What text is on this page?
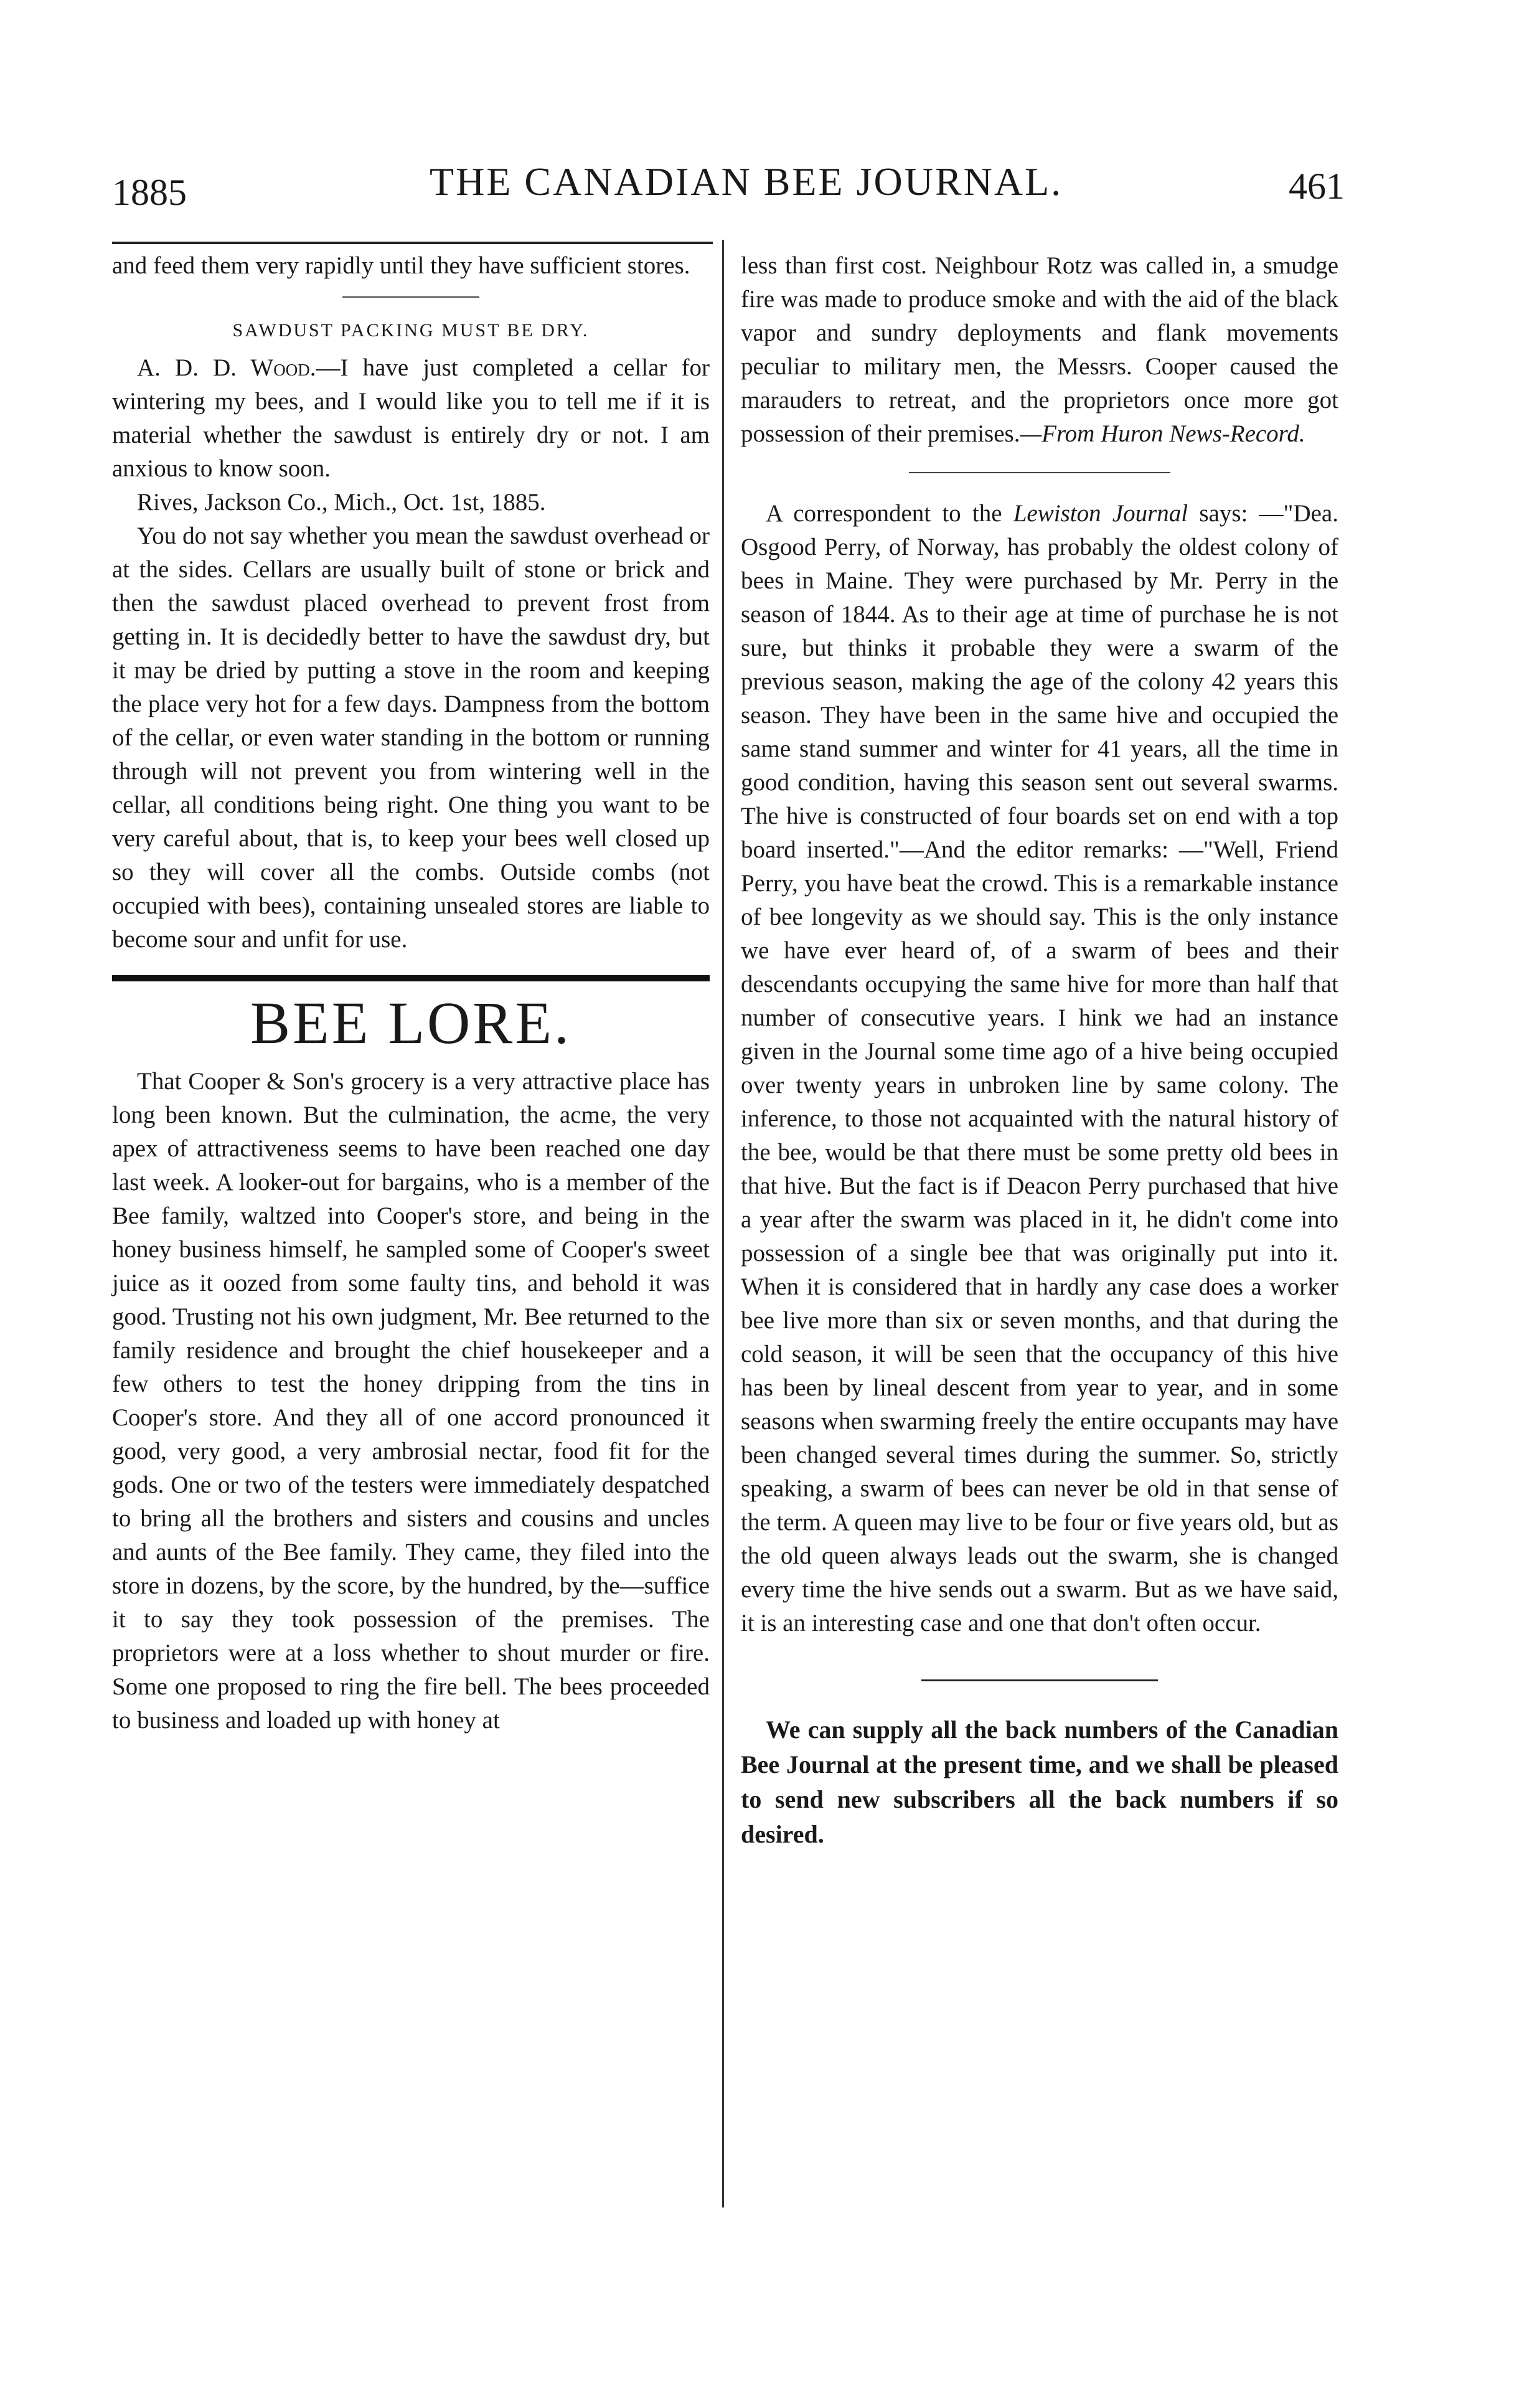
1885	THE CANADIAN BEE JOURNAL.	461

and feed them very rapidly until they have sufficient stores.

SAWDUST PACKING MUST BE DRY.

A. D. D. Wood.—I have just completed a cellar for wintering my bees, and I would like you to tell me if it is material whether the sawdust is entirely dry or not. I am anxious to know soon.

Rives, Jackson Co., Mich., Oct. 1st, 1885.

You do not say whether you mean the sawdust overhead or at the sides. Cellars are usually built of stone or brick and then the sawdust placed overhead to prevent frost from getting in. It is decidedly better to have the sawdust dry, but it may be dried by putting a stove in the room and keeping the place very hot for a few days. Dampness from the bottom of the cellar, or even water standing in the bottom or running through will not prevent you from wintering well in the cellar, all conditions being right. One thing you want to be very careful about, that is, to keep your bees well closed up so they will cover all the combs. Outside combs (not occupied with bees), containing unsealed stores are liable to become sour and unfit for use.

BEE LORE.

That Cooper & Son's grocery is a very attractive place has long been known. But the culmination, the acme, the very apex of attractiveness seems to have been reached one day last week. A looker-out for bargains, who is a member of the Bee family, waltzed into Cooper's store, and being in the honey business himself, he sampled some of Cooper's sweet juice as it oozed from some faulty tins, and behold it was good. Trusting not his own judgment, Mr. Bee returned to the family residence and brought the chief housekeeper and a few others to test the honey dripping from the tins in Cooper's store. And they all of one accord pronounced it good, very good, a very ambrosial nectar, food fit for the gods. One or two of the testers were immediately despatched to bring all the brothers and sisters and cousins and uncles and aunts of the Bee family. They came, they filed into the store in dozens, by the score, by the hundred, by the—suffice it to say they took possession of the premises. The proprietors were at a loss whether to shout murder or fire. Some one proposed to ring the fire bell. The bees proceeded to business and loaded up with honey at

less than first cost. Neighbour Rotz was called in, a smudge fire was made to produce smoke and with the aid of the black vapor and sundry deployments and flank movements peculiar to military men, the Messrs. Cooper caused the marauders to retreat, and the proprietors once more got possession of their premises.—From Huron News-Record.

A correspondent to the Lewiston Journal says: —"Dea. Osgood Perry, of Norway, has probably the oldest colony of bees in Maine. They were purchased by Mr. Perry in the season of 1844. As to their age at time of purchase he is not sure, but thinks it probable they were a swarm of the previous season, making the age of the colony 42 years this season. They have been in the same hive and occupied the same stand summer and winter for 41 years, all the time in good condition, having this season sent out several swarms. The hive is constructed of four boards set on end with a top board inserted."—And the editor remarks: —"Well, Friend Perry, you have beat the crowd. This is a remarkable instance of bee longevity as we should say. This is the only instance we have ever heard of, of a swarm of bees and their descendants occupying the same hive for more than half that number of consecutive years. I hink we had an instance given in the Journal some time ago of a hive being occupied over twenty years in unbroken line by same colony. The inference, to those not acquainted with the natural history of the bee, would be that there must be some pretty old bees in that hive. But the fact is if Deacon Perry purchased that hive a year after the swarm was placed in it, he didn't come into possession of a single bee that was originally put into it. When it is considered that in hardly any case does a worker bee live more than six or seven months, and that during the cold season, it will be seen that the occupancy of this hive has been by lineal descent from year to year, and in some seasons when swarming freely the entire occupants may have been changed several times during the summer. So, strictly speaking, a swarm of bees can never be old in that sense of the term. A queen may live to be four or five years old, but as the old queen always leads out the swarm, she is changed every time the hive sends out a swarm. But as we have said, it is an interesting case and one that don't often occur.

We can supply all the back numbers of the Canadian Bee Journal at the present time, and we shall be pleased to send new subscribers all the back numbers if so desired.
